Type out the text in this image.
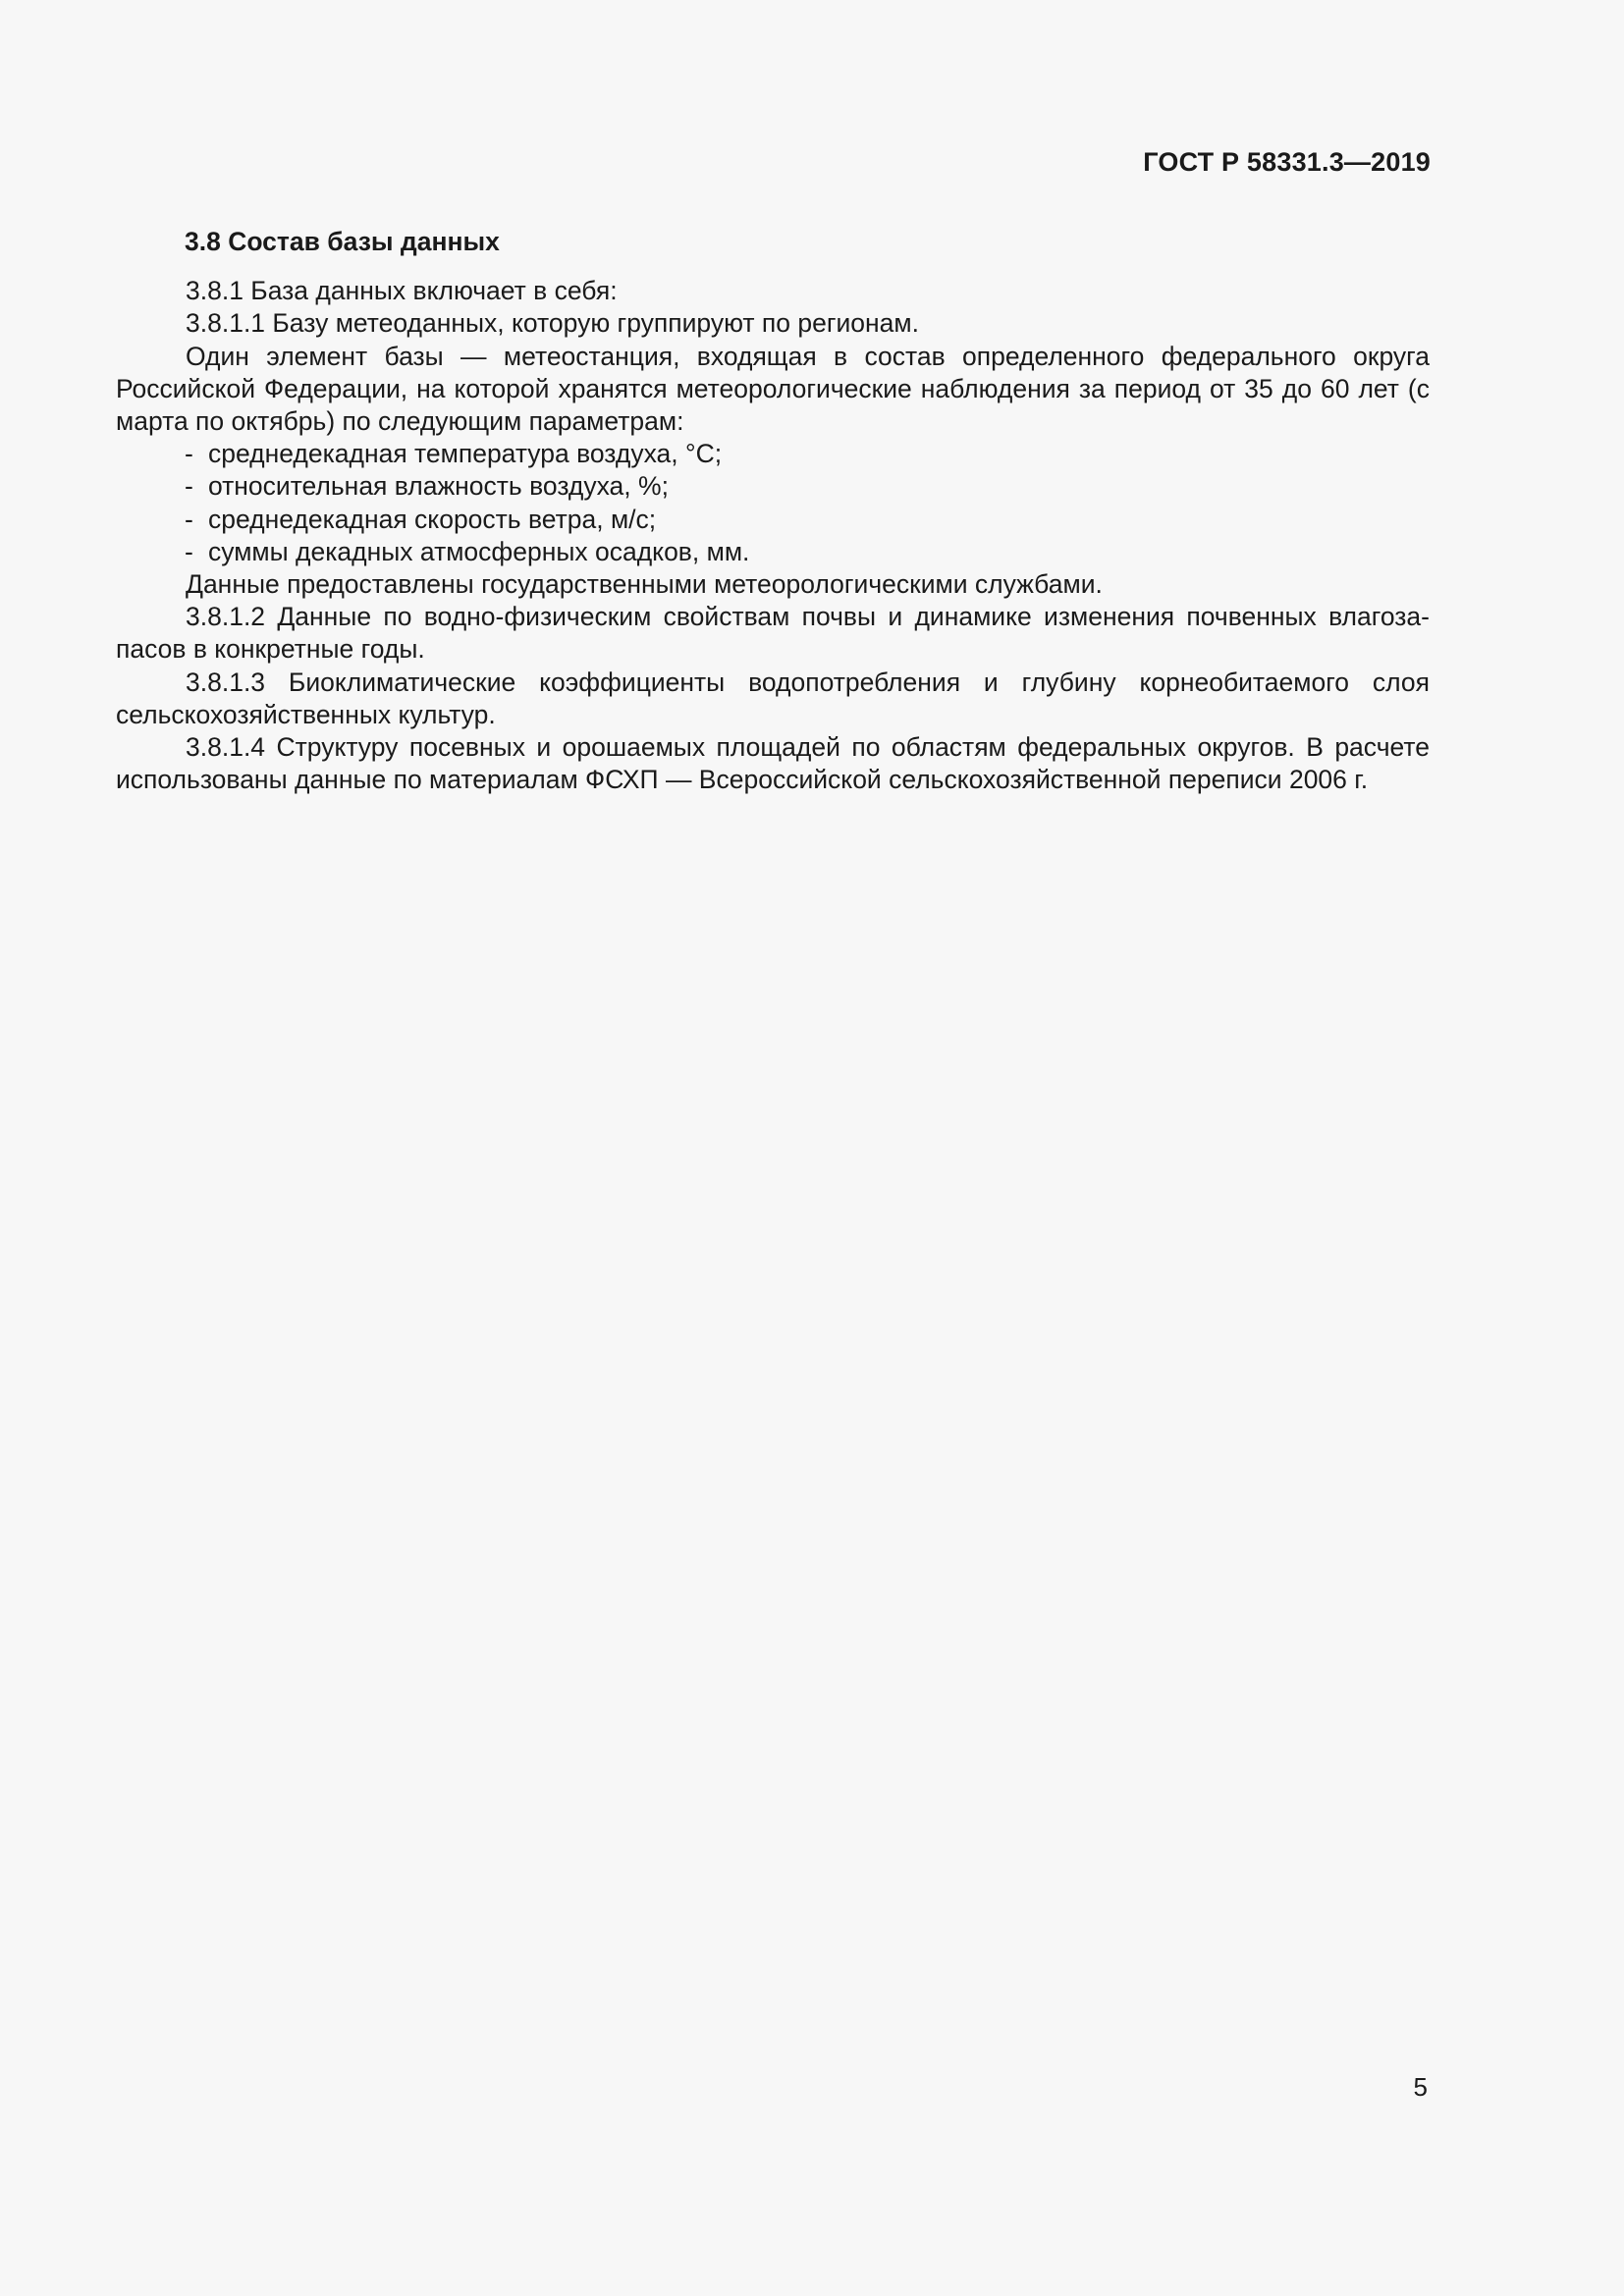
ГОСТ Р 58331.3—2019
3.8 Состав базы данных

3.8.1 База данных включает в себя:

3.8.1.1 Базу метеоданных, которую группируют по регионам.

Один элемент базы — метеостанция, входящая в состав определенного федерального округа Российской Федерации, на которой хранятся метеорологические наблюдения за период от 35 до 60 лет (с марта по октябрь) по следующим параметрам:

- среднедекадная температура воздуха, °С;
- относительная влажность воздуха, %;
- среднедекадная скорость ветра, м/с;
- суммы декадных атмосферных осадков, мм.

Данные предоставлены государственными метеорологическими службами.

3.8.1.2 Данные по водно-физическим свойствам почвы и динамике изменения почвенных влагоза-пасов в конкретные годы.

3.8.1.3 Биоклиматические коэффициенты водопотребления и глубину корнеобитаемого слоя сельскохозяйственных культур.

3.8.1.4 Структуру посевных и орошаемых площадей по областям федеральных округов. В расчете использованы данные по материалам ФСХП — Всероссийской сельскохозяйственной переписи 2006 г.

5
